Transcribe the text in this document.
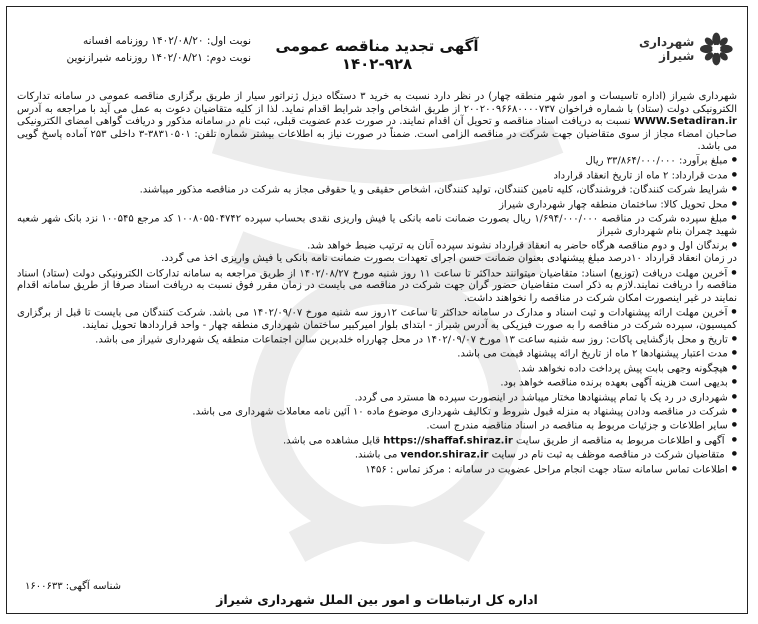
شهرداری شیراز
آگهی تجدید مناقصه عمومی ۹۲۸-۱۴۰۲
نوبت اول: ۱۴۰۲/۰۸/۲۰ روزنامه افسانه
نوبت دوم: ۱۴۰۲/۰۸/۲۱ روزنامه شیرازنوین

شهرداری شیراز (اداره تاسیسات و امور شهر منطقه چهار) در نظر دارد نسبت به خرید ۳ دستگاه دیزل ژنراتور سیار از طریق برگزاری مناقصه عمومی در سامانه تدارکات الکترونیکی دولت (ستاد) با شماره فراخوان ۲۰۰۲۰۰۹۶۶۸۰۰۰۰۷۳۷ از طریق اشخاص واجد شرایط اقدام نماید. لذا از کلیه متقاضیان دعوت به عمل می آید با مراجعه به آدرس WWW.Setadiran.ir نسبت به دریافت اسناد مناقصه و تحویل آن اقدام نمایند. در صورت عدم عضویت قبلی، ثبت نام در سامانه مذکور و دریافت گواهی امضای الکترونیکی صاحبان امضاء مجاز از سوی متقاضیان جهت شرکت در مناقصه الزامی است. ضمناً در صورت نیاز به اطلاعات بیشتر شماره تلفن: ۳۸۳۱۰۵۰۱-۳ داخلی ۲۵۳ آماده پاسخ گویی می باشد.

● مبلغ برآورد: ۳۳/۸۶۴/۰۰۰/۰۰۰ ریال

● مدت قرارداد: ۲ ماه از تاریخ انعقاد قرارداد

● شرایط شرکت کنندگان: فروشندگان، کلیه تامین کنندگان، تولید کنندگان، اشخاص حقیقی و یا حقوقی مجاز به شرکت در مناقصه مذکور میباشند.

● محل تحویل کالا: ساختمان منطقه چهار شهرداری شیراز

● مبلغ سپرده شرکت در مناقصه ۱/۶۹۴/۰۰۰/۰۰۰ ریال بصورت ضمانت نامه بانکی یا فیش واریزی نقدی بحساب سپرده ۱۰۰۸۰۵۵۰۴۷۴۲ کد مرجع ۱۰۰۵۴۵ نزد بانک شهر شعبه شهید چمران بنام شهرداری شیراز

● برندگان اول و دوم مناقصه هرگاه حاضر به انعقاد قرارداد نشوند سپرده آنان به ترتیب ضبط خواهد شد.

در زمان انعقاد قرارداد ۱۰درصد مبلغ پیشنهادی بعنوان ضمانت حسن اجرای تعهدات بصورت ضمانت نامه بانکی یا فیش واریزی اخذ می گردد.

● آخرین مهلت دریافت (توزیع) اسناد: متقاضیان میتوانند حداکثر تا ساعت ۱۱ روز شنبه مورخ ۱۴۰۲/۰۸/۲۷ از طریق مراجعه به سامانه تدارکات الکترونیکی دولت (ستاد) اسناد مناقصه را دریافت نمایند.لازم به ذکر است متقاضیان حضور گران جهت شرکت در مناقصه می بایست در زمان مقرر فوق نسبت به دریافت اسناد صرفا از طریق سامانه اقدام نمایند در غیر اینصورت امکان شرکت در مناقصه را نخواهند داشت.

● آخرین مهلت ارائه پیشنهادات و ثبت اسناد و مدارک در سامانه حداکثر تا ساعت ۱۲روز سه شنبه مورخ ۱۴۰۲/۰۹/۰۷ می باشد. شرکت کنندگان می بایست تا قبل از برگزاری کمیسیون، سپرده شرکت در مناقصه را به صورت فیزیکی به آدرس شیراز - ابتدای بلوار امیرکبیر ساختمان شهرداری منطقه چهار - واحد قراردادها تحویل نمایند.

● تاریخ و محل بازگشایی پاکات: روز سه شنبه ساعت ۱۳ مورخ ۱۴۰۲/۰۹/۰۷ در محل چهارراه خلدبرین سالن اجتماعات منطقه یک شهرداری شیراز می باشد.

● مدت اعتبار پیشنهادها ۲ ماه از تاریخ ارائه پیشنهاد قیمت می باشد.

● هیچگونه وجهی بابت پیش پرداخت داده نخواهد شد.

● بدیهی است هزینه آگهی بعهده برنده مناقصه خواهد بود.

● شهرداری در رد یک یا تمام پیشنهادها مختار میباشد در اینصورت سپرده ها مسترد می گردد.

● شرکت در مناقصه ودادن پیشنهاد به منزله قبول شروط و تکالیف شهرداری موضوع ماده ۱۰ آئین نامه معاملات شهرداری می باشد.

● سایر اطلاعات و جزئیات مربوط به مناقصه در اسناد مناقصه مندرج است.

● آگهی و اطلاعات مربوط به مناقصه از طریق سایت https://shaffaf.shiraz.ir قابل مشاهده می باشد.

● متقاضیان شرکت در مناقصه موظف به ثبت نام در سایت vendor.shiraz.ir می باشند.

● اطلاعات تماس سامانه ستاد جهت انجام مراحل عضویت در سامانه : مرکز تماس : ۱۴۵۶

شناسه آگهی: ۱۶۰۰۶۳۳
اداره کل ارتباطات و امور بین الملل شهرداری شیراز
